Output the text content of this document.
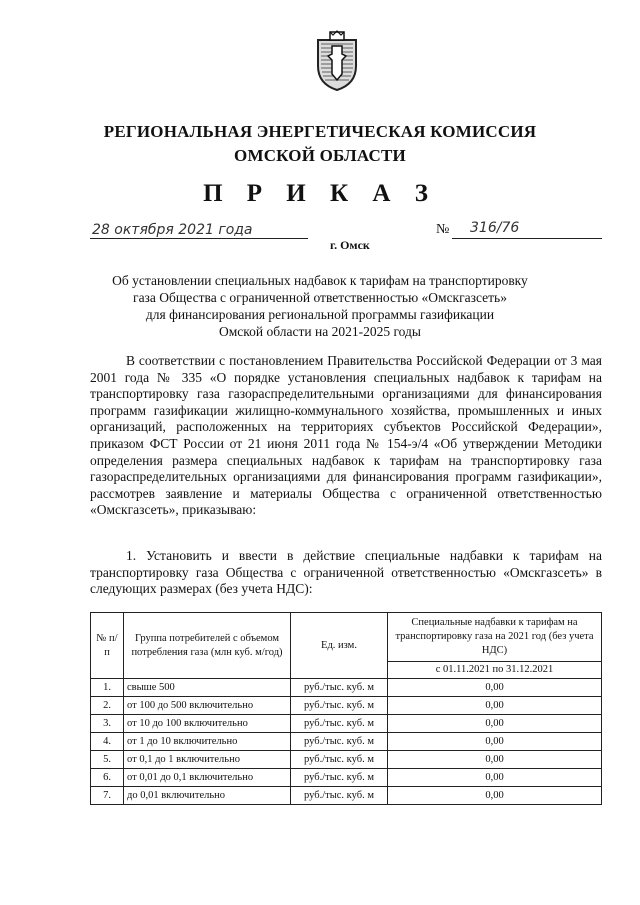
РЕГИОНАЛЬНАЯ ЭНЕРГЕТИЧЕСКАЯ КОМИССИЯ
ОМСКОЙ ОБЛАСТИ
П Р И К А З
28 октября 2021 года
г. Омск
№ 316/76
Об установлении специальных надбавок к тарифам на транспортировку
газа Общества с ограниченной ответственностью «Омскгазсеть»
для финансирования региональной программы газификации
Омской области на 2021-2025 годы
В соответствии с постановлением Правительства Российской Федерации от 3 мая 2001 года № 335 «О порядке установления специальных надбавок к тарифам на транспортировку газа газораспределительными организациями для финансирования программ газификации жилищно-коммунального хозяйства, промышленных и иных организаций, расположенных на территориях субъектов Российской Федерации», приказом ФСТ России от 21 июня 2011 года № 154-э/4 «Об утверждении Методики определения размера специальных надбавок к тарифам на транспортировку газа газораспределительных организациями для финансирования программ газификации», рассмотрев заявление и материалы Общества с ограниченной ответственностью «Омскгазсеть», приказываю:
1. Установить и ввести в действие специальные надбавки к тарифам на транспортировку газа Общества с ограниченной ответственностью «Омскгазсеть» в следующих размерах (без учета НДС):
№ п/п	Группа потребителей с объемом потребления газа (млн куб. м/год)	Ед. изм.	Специальные надбавки к тарифам на транспортировку газа на 2021 год (без учета НДС)
			с 01.11.2021 по 31.12.2021
1.	свыше 500	руб./тыс. куб. м	0,00
2.	от 100 до 500 включительно	руб./тыс. куб. м	0,00
3.	от 10 до 100 включительно	руб./тыс. куб. м	0,00
4.	от 1 до 10 включительно	руб./тыс. куб. м	0,00
5.	от 0,1 до 1 включительно	руб./тыс. куб. м	0,00
6.	от 0,01 до 0,1 включительно	руб./тыс. куб. м	0,00
7.	до 0,01 включительно	руб./тыс. куб. м	0,00
